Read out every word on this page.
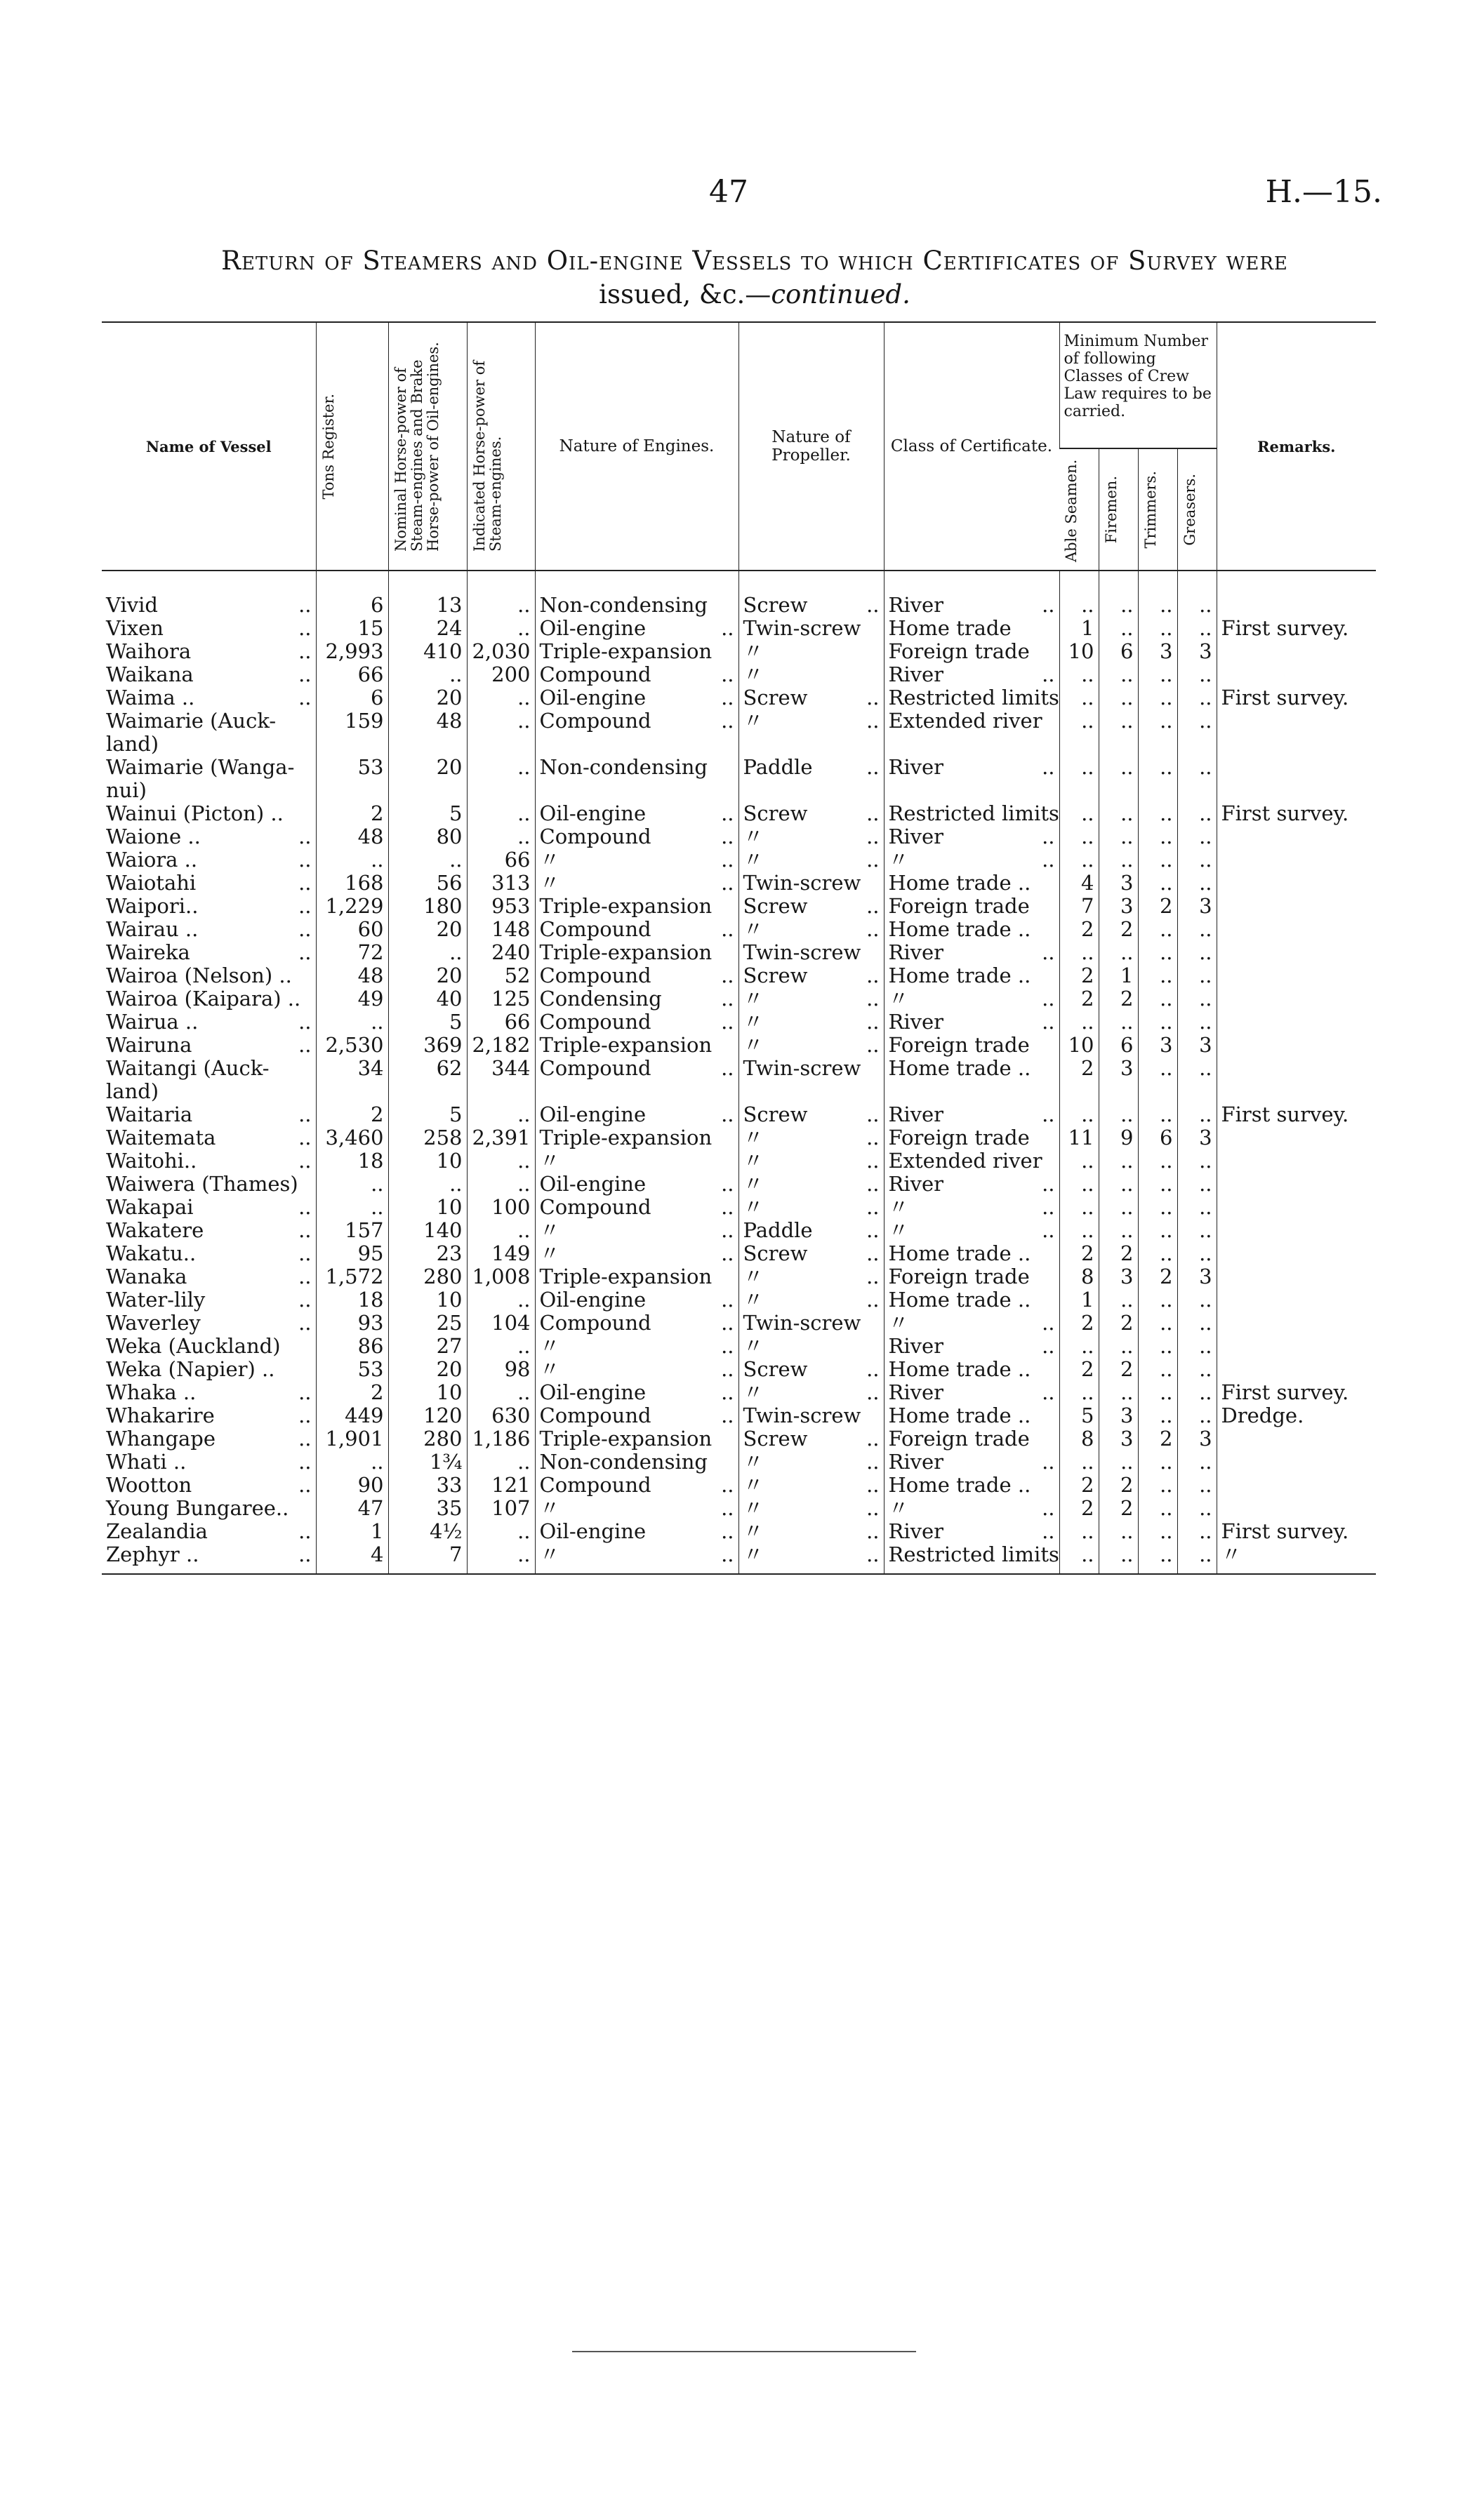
47	H.—15.
Return of Steamers and Oil-engine Vessels to which Certificates of Survey were
issued, &c.—continued.
Name of Vessel	Tons Register.	Nominal Horse-power of Steam-engines and Brake Horse-power of Oil-engines.	Indicated Horse-power of Steam-engines.	Nature of Engines.	Nature of Propeller.	Class of Certificate.	Minimum Number of following Classes of Crew Law requires to be carried.				Remarks.

							Able Seamen.	Firemen.	Trimmers.	Greasers.	

Vivid ..	6	13	..	Non-condensing	Screw ..	River ..	..	..	..	..	
Vixen ..	15	24	..	Oil-engine ..	Twin-screw	Home trade	1	..	..	..	First survey.
Waihora ..	2,993	410	2,030	Triple-expansion	〃	Foreign trade	10	6	3	3	
Waikana ..	66	..	200	Compound ..	〃	River ..	..	..	..	..	
Waima .. ..	6	20	..	Oil-engine ..	Screw ..	Restricted limits	..	..	..	..	First survey.
Waimarie (Auck-	159	48	..	Compound ..	〃 ..	Extended river	..	..	..	..	
land)											
Waimarie (Wanga-	53	20	..	Non-condensing	Paddle ..	River ..	..	..	..	..	
nui)											
Wainui (Picton) ..	2	5	..	Oil-engine ..	Screw ..	Restricted limits	..	..	..	..	First survey.
Waione .. ..	48	80	..	Compound ..	〃 ..	River ..	..	..	..	..	
Waiora .. ..	..	..	66	〃 ..	〃 ..	〃 ..	..	..	..	..	
Waiotahi ..	168	56	313	〃 ..	Twin-screw	Home trade ..	4	3	..	..	
Waipori.. ..	1,229	180	953	Triple-expansion	Screw ..	Foreign trade	7	3	2	3	
Wairau .. ..	60	20	148	Compound ..	〃 ..	Home trade ..	2	2	..	..	
Waireka ..	72	..	240	Triple-expansion	Twin-screw	River ..	..	..	..	..	
Wairoa (Nelson) ..	48	20	52	Compound ..	Screw ..	Home trade ..	2	1	..	..	
Wairoa (Kaipara) ..	49	40	125	Condensing ..	〃 ..	〃 ..	2	2	..	..	
Wairua .. ..	..	5	66	Compound ..	〃 ..	River ..	..	..	..	..	
Wairuna ..	2,530	369	2,182	Triple-expansion	〃 ..	Foreign trade	10	6	3	3	
Waitangi (Auck-	34	62	344	Compound ..	Twin-screw	Home trade ..	2	3	..	..	
land)											
Waitaria ..	2	5	..	Oil-engine ..	Screw ..	River ..	..	..	..	..	First survey.
Waitemata ..	3,460	258	2,391	Triple-expansion	〃 ..	Foreign trade	11	9	6	3	
Waitohi.. ..	18	10	..	〃	〃 ..	Extended river	..	..	..	..	
Waiwera (Thames)	..	..	..	Oil-engine ..	〃 ..	River ..	..	..	..	..	
Wakapai ..	..	10	100	Compound ..	〃 ..	〃 ..	..	..	..	..	
Wakatere ..	157	140	..	〃 ..	Paddle ..	〃 ..	..	..	..	..	
Wakatu.. ..	95	23	149	〃 ..	Screw ..	Home trade ..	2	2	..	..	
Wanaka ..	1,572	280	1,008	Triple-expansion	〃 ..	Foreign trade	8	3	2	3	
Water-lily ..	18	10	..	Oil-engine ..	〃 ..	Home trade ..	1	..	..	..	
Waverley ..	93	25	104	Compound ..	Twin-screw	〃 ..	2	2	..	..	
Weka (Auckland)	86	27	..	〃 ..	〃	River ..	..	..	..	..	
Weka (Napier) ..	53	20	98	〃 ..	Screw ..	Home trade ..	2	2	..	..	
Whaka .. ..	2	10	..	Oil-engine ..	〃 ..	River ..	..	..	..	..	First survey.
Whakarire ..	449	120	630	Compound ..	Twin-screw	Home trade ..	5	3	..	..	Dredge.
Whangape ..	1,901	280	1,186	Triple-expansion	Screw ..	Foreign trade	8	3	2	3	
Whati .. ..	..	1¾	..	Non-condensing	〃 ..	River ..	..	..	..	..	
Wootton ..	90	33	121	Compound ..	〃 ..	Home trade ..	2	2	..	..	
Young Bungaree..	47	35	107	〃 ..	〃 ..	〃 ..	2	2	..	..	
Zealandia ..	1	4½	..	Oil-engine ..	〃 ..	River ..	..	..	..	..	First survey.
Zephyr .. ..	4	7	..	〃 ..	〃 ..	Restricted limits	..	..	..	..	〃
